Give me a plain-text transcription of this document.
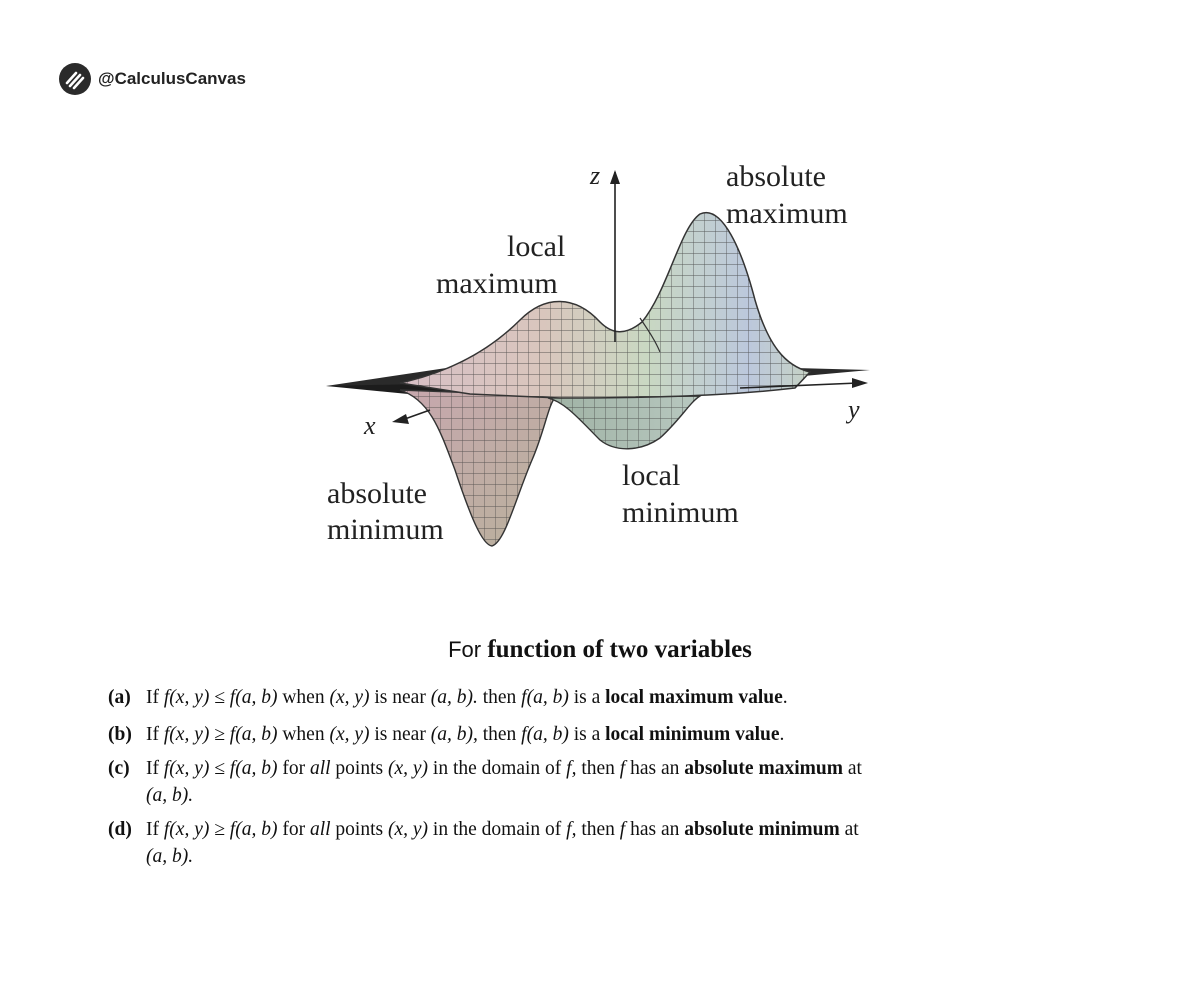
@CalculusCanvas
z
x
y
absolute
maximum
local
maximum
absolute
minimum
local
minimum
For function of two variables
(a) If f(x, y) ≤ f(a, b) when (x, y) is near (a, b). then f(a, b) is a local maximum value.
(b) If f(x, y) ≥ f(a, b) when (x, y) is near (a, b), then f(a, b) is a local minimum value.
(c) If f(x, y) ≤ f(a, b) for all points (x, y) in the domain of f, then f has an absolute maximum at
(a, b).
(d) If f(x, y) ≥ f(a, b) for all points (x, y) in the domain of f, then f has an absolute minimum at
(a, b).
